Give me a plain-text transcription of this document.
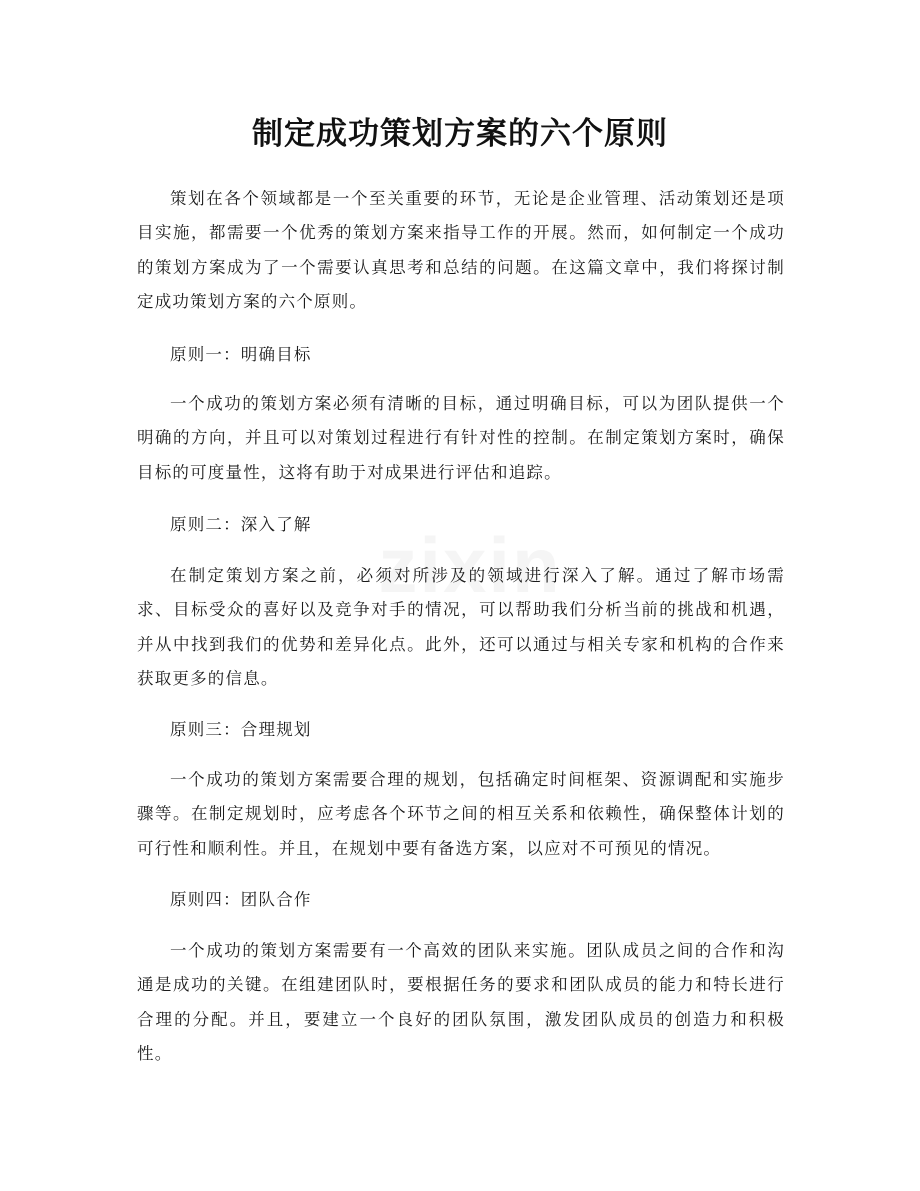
zixin
制定成功策划方案的六个原则

策划在各个领域都是一个至关重要的环节，无论是企业管理、活动策划还是项目实施，都需要一个优秀的策划方案来指导工作的开展。然而，如何制定一个成功的策划方案成为了一个需要认真思考和总结的问题。在这篇文章中，我们将探讨制定成功策划方案的六个原则。

原则一：明确目标

一个成功的策划方案必须有清晰的目标，通过明确目标，可以为团队提供一个明确的方向，并且可以对策划过程进行有针对性的控制。在制定策划方案时，确保目标的可度量性，这将有助于对成果进行评估和追踪。

原则二：深入了解

在制定策划方案之前，必须对所涉及的领域进行深入了解。通过了解市场需求、目标受众的喜好以及竞争对手的情况，可以帮助我们分析当前的挑战和机遇，并从中找到我们的优势和差异化点。此外，还可以通过与相关专家和机构的合作来获取更多的信息。

原则三：合理规划

一个成功的策划方案需要合理的规划，包括确定时间框架、资源调配和实施步骤等。在制定规划时，应考虑各个环节之间的相互关系和依赖性，确保整体计划的可行性和顺利性。并且，在规划中要有备选方案，以应对不可预见的情况。

原则四：团队合作

一个成功的策划方案需要有一个高效的团队来实施。团队成员之间的合作和沟通是成功的关键。在组建团队时，要根据任务的要求和团队成员的能力和特长进行合理的分配。并且，要建立一个良好的团队氛围，激发团队成员的创造力和积极性。
